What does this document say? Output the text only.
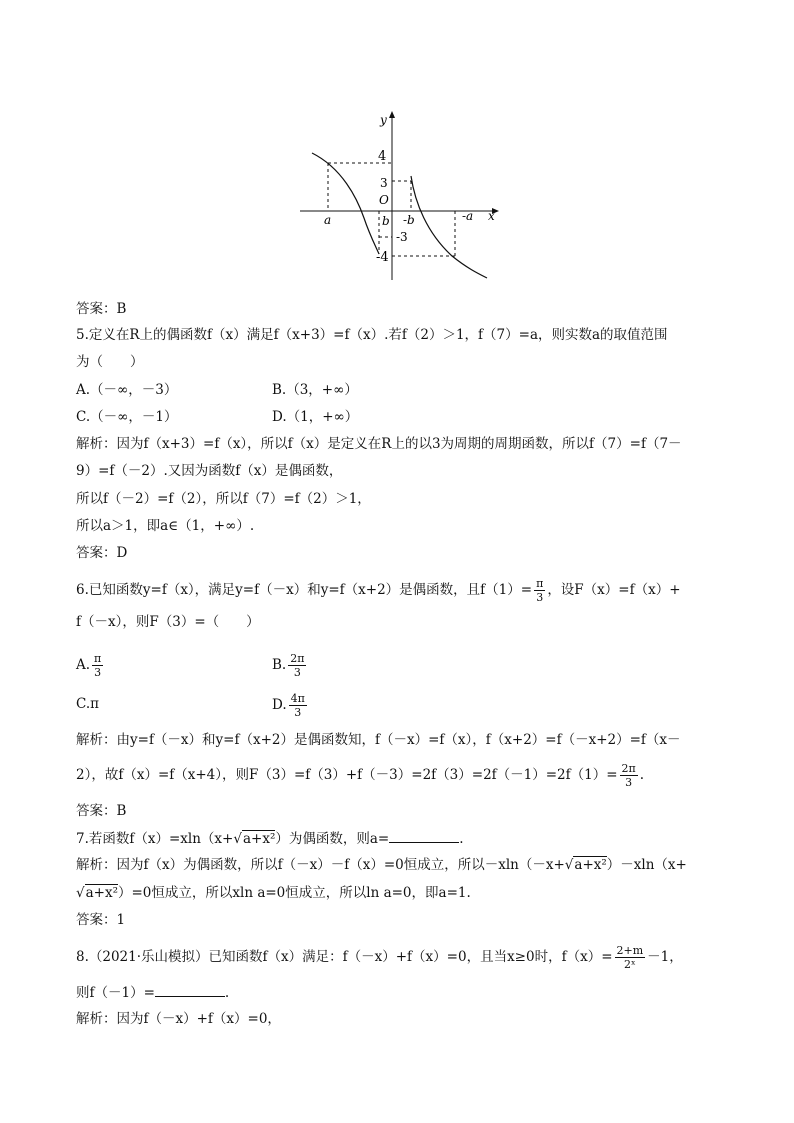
y
x
4
3
O
a	b -b
-3
-4
-a
答案：B
5.定义在R上的偶函数f（x）满足f（x+3）=f（x）.若f（2）＞1，f（7）=a，则实数a的取值范围
为（　　）
A.（－∞，－3）	B.（3，+∞）
C.（－∞，－1）	D.（1，+∞）
解析：因为f（x+3）=f（x），所以f（x）是定义在R上的以3为周期的周期函数，所以f（7）=f（7－
9）=f（－2）.又因为函数f（x）是偶函数，
所以f（－2）=f（2），所以f（7）=f（2）＞1，
所以a＞1，即a∈（1，+∞）.
答案：D
6.已知函数y=f（x），满足y=f（－x）和y=f（x+2）是偶函数，且$f(1)= \frac{\pi}{3}$ ，设F（x）=f（x）+
f（－x），则F（3）=（　　）
A. $\frac{\pi}{3}$	B. $\frac{2\pi}{3}$
C.π	D. $\frac{4\pi}{3}$
解析：由y=f（－x）和y=f（x+2）是偶函数知，f（－x）=f（x），f（x+2）=f（－x+2）=f（x－
2），故f（x）=f（x+4），则$F(3)=f(3)+f(-3)=2f(3)=2f(-1)=2f(1)= \frac{2\pi}{3}$ .
答案：B
7.若函数f（x）=xln（x+√a+x²）为偶函数，则a=	.
解析：因为f（x）为偶函数，所以f（－x）－f（x）=0恒成立，所以－xln（－x+√a+x²）－xln（x+
√a+x²）=0恒成立，所以xln a=0恒成立，所以ln a=0，即a=1.
答案：1
8.（2021·乐山模拟）已知函数f（x）满足：f（－x）+f（x）=0，且当x≥0时，$f(x)= \frac{2+m}{\text{2ˣ}} -1$，
则f（－1）=	.
解析：因为f（－x）+f（x）=0，
